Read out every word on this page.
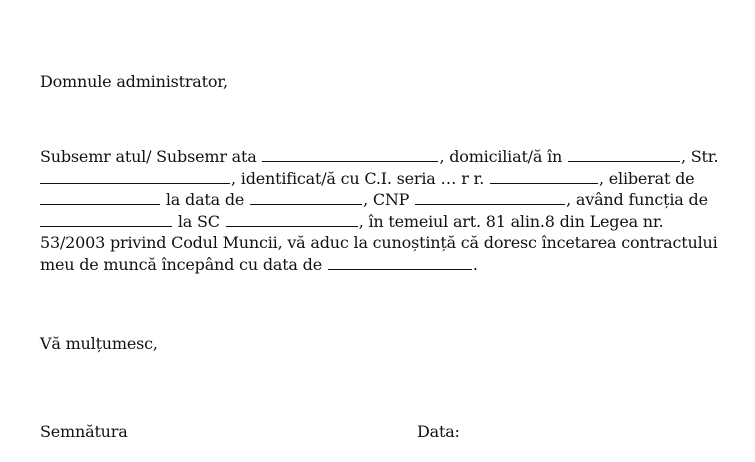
Domnule administrator,
Subsemr atul/ Subsemr ata	, domiciliat/ă în	, Str.
, identificat/ă cu C.I. seria … r r.	, eliberat de
la data de	, CNP	, având funcția de
la SC	, în temeiul art. 81 alin.8 din Legea nr.
53/2003 privind Codul Muncii, vă aduc la cunoștință că doresc încetarea contractului
meu de muncă începând cu data de	.
Vă mulțumesc,
Semnătura	Data:
